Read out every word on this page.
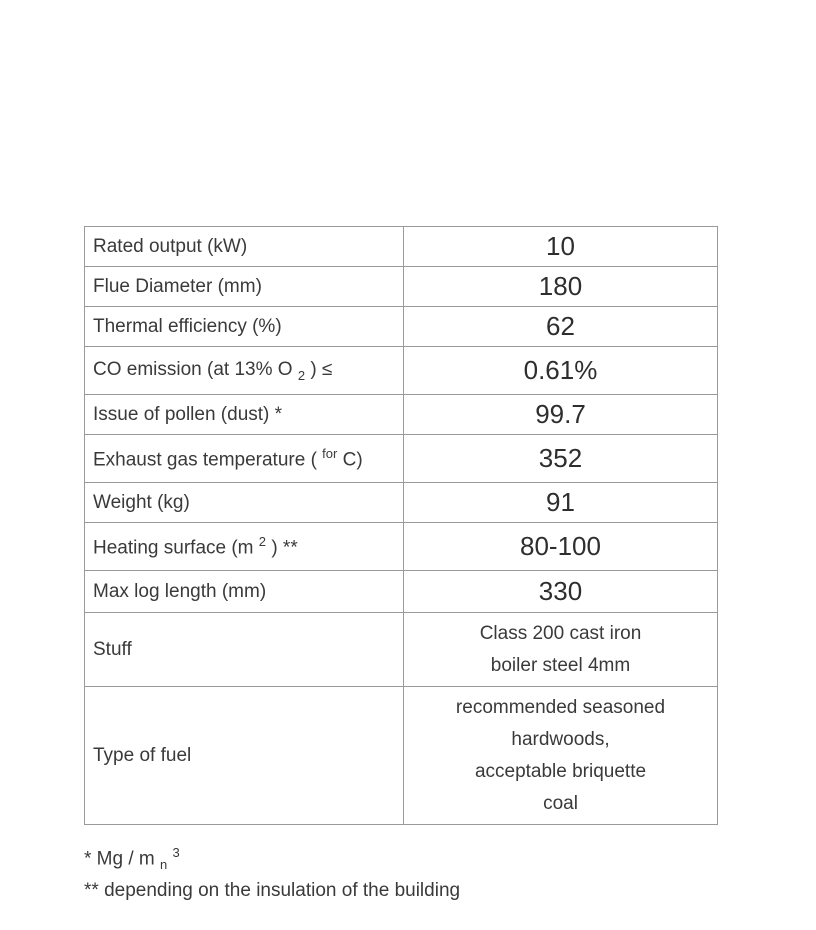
Rated output (kW)	10
Flue Diameter (mm)	180
Thermal efficiency (%)	62
CO emission (at 13% O $_2$ ) ≤	0.61%
Issue of pollen (dust) *	99.7
Exhaust gas temperature ( $^{for}$ C)	352
Weight (kg)	91
Heating surface (m $^2$ ) **	80-100
Max log length (mm)	330
Stuff	Class 200 cast iron
boiler steel 4mm

Type of fuel	recommended seasoned
hardwoods,
acceptable briquette
coal
* Mg / m $_n$ $^3$
** depending on the insulation of the building
